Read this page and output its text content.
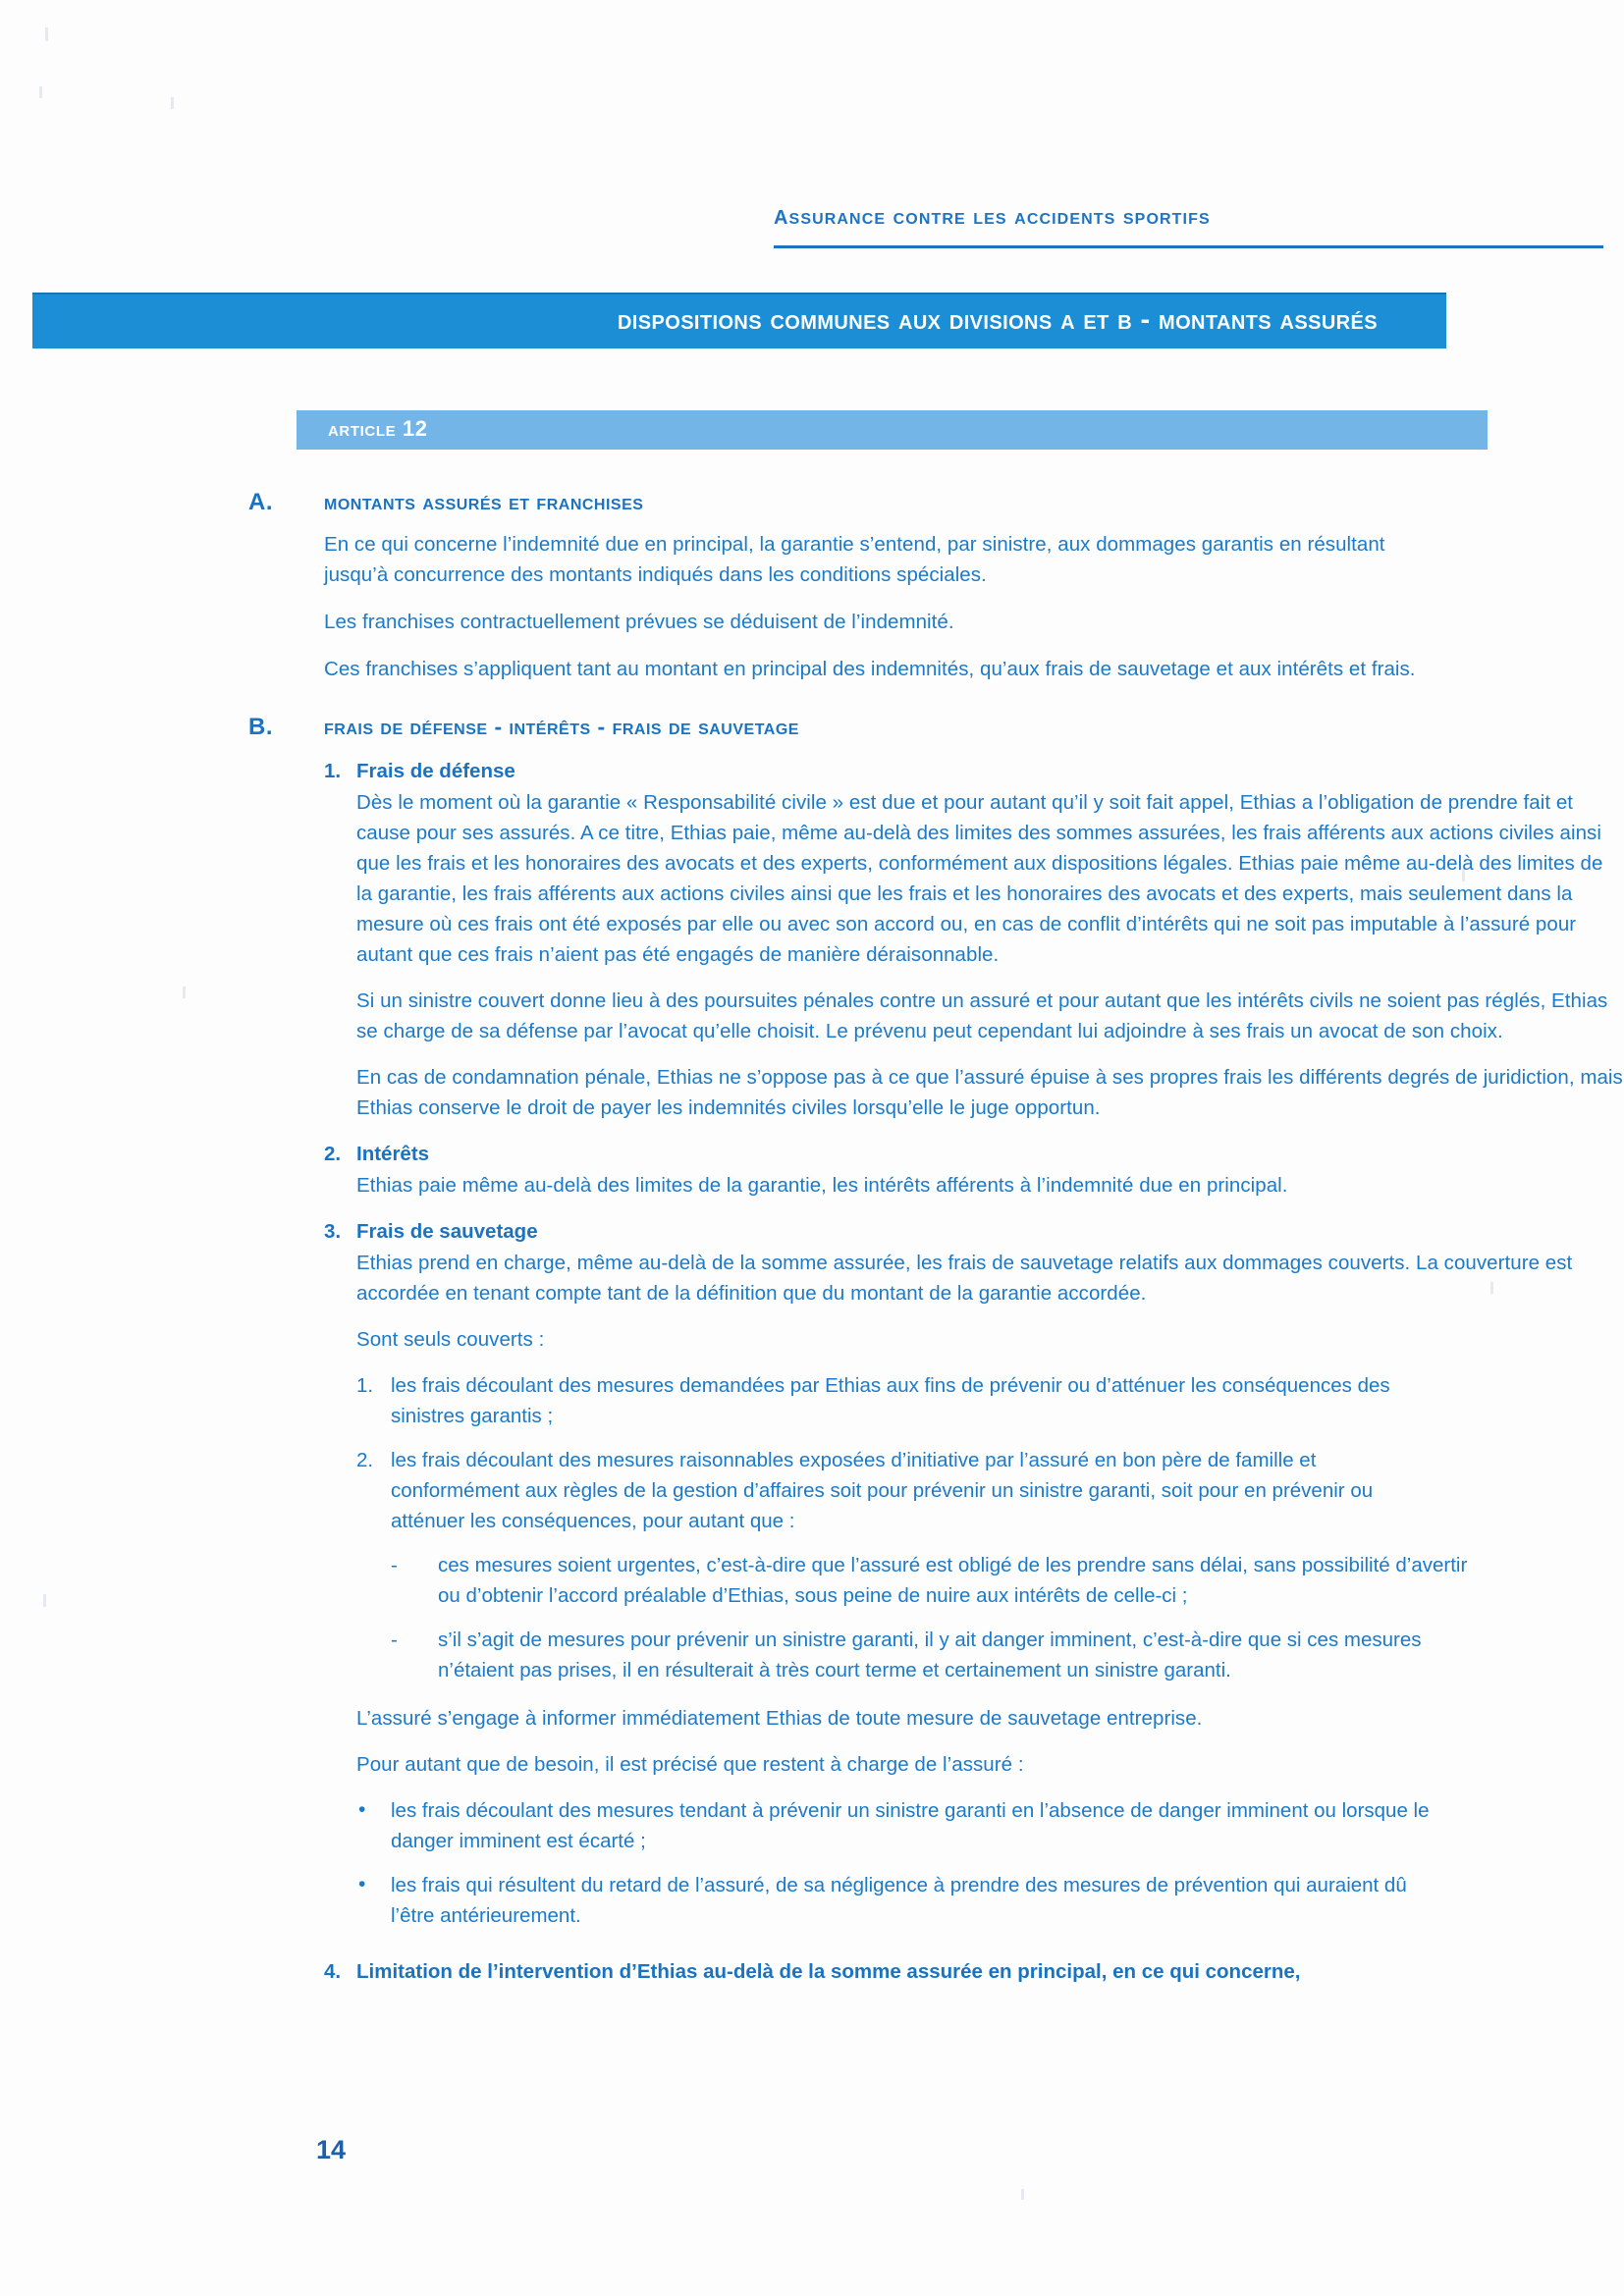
assurance contre les accidents sportifs
dispositions communes aux divisions a et b - montants assurés
article 12
A. montants assurés et franchises

En ce qui concerne l’indemnité due en principal, la garantie s’entend, par sinistre, aux dommages garantis en résultant jusqu’à concurrence des montants indiqués dans les conditions spéciales.

Les franchises contractuellement prévues se déduisent de l’indemnité.

Ces franchises s’appliquent tant au montant en principal des indemnités, qu’aux frais de sauvetage et aux intérêts et frais.

B. frais de défense - intérêts - frais de sauvetage
1. Frais de défense

Dès le moment où la garantie « Responsabilité civile » est due et pour autant qu’il y soit fait appel, Ethias a l’obligation de prendre fait et cause pour ses assurés. A ce titre, Ethias paie, même au-delà des limites des sommes assurées, les frais afférents aux actions civiles ainsi que les frais et les honoraires des avocats et des experts, conformément aux dispositions légales. Ethias paie même au-delà des limites de la garantie, les frais afférents aux actions civiles ainsi que les frais et les honoraires des avocats et des experts, mais seulement dans la mesure où ces frais ont été exposés par elle ou avec son accord ou, en cas de conflit d’intérêts qui ne soit pas imputable à l’assuré pour autant que ces frais n’aient pas été engagés de manière déraisonnable.

Si un sinistre couvert donne lieu à des poursuites pénales contre un assuré et pour autant que les intérêts civils ne soient pas réglés, Ethias se charge de sa défense par l’avocat qu’elle choisit. Le prévenu peut cependant lui adjoindre à ses frais un avocat de son choix.

En cas de condamnation pénale, Ethias ne s’oppose pas à ce que l’assuré épuise à ses propres frais les différents degrés de juridiction, mais Ethias conserve le droit de payer les indemnités civiles lorsqu’elle le juge opportun.

2. Intérêts

Ethias paie même au-delà des limites de la garantie, les intérêts afférents à l’indemnité due en principal.

3. Frais de sauvetage

Ethias prend en charge, même au-delà de la somme assurée, les frais de sauvetage relatifs aux dommages couverts. La couverture est accordée en tenant compte tant de la définition que du montant de la garantie accordée.

Sont seuls couverts :

1. les frais découlant des mesures demandées par Ethias aux fins de prévenir ou d’atténuer les conséquences des sinistres garantis ;
2. les frais découlant des mesures raisonnables exposées d’initiative par l’assuré en bon père de famille et conformément aux règles de la gestion d’affaires soit pour prévenir un sinistre garanti, soit pour en prévenir ou atténuer les conséquences, pour autant que :
- ces mesures soient urgentes, c’est-à-dire que l’assuré est obligé de les prendre sans délai, sans possibilité d’avertir ou d’obtenir l’accord préalable d’Ethias, sous peine de nuire aux intérêts de celle-ci ;
- s’il s’agit de mesures pour prévenir un sinistre garanti, il y ait danger imminent, c’est-à-dire que si ces mesures n’étaient pas prises, il en résulterait à très court terme et certainement un sinistre garanti.

L’assuré s’engage à informer immédiatement Ethias de toute mesure de sauvetage entreprise.

Pour autant que de besoin, il est précisé que restent à charge de l’assuré :

• les frais découlant des mesures tendant à prévenir un sinistre garanti en l’absence de danger imminent ou lorsque le danger imminent est écarté ;
• les frais qui résultent du retard de l’assuré, de sa négligence à prendre des mesures de prévention qui auraient dû l’être antérieurement.
4. Limitation de l’intervention d’Ethias au-delà de la somme assurée en principal, en ce qui concerne,
14
